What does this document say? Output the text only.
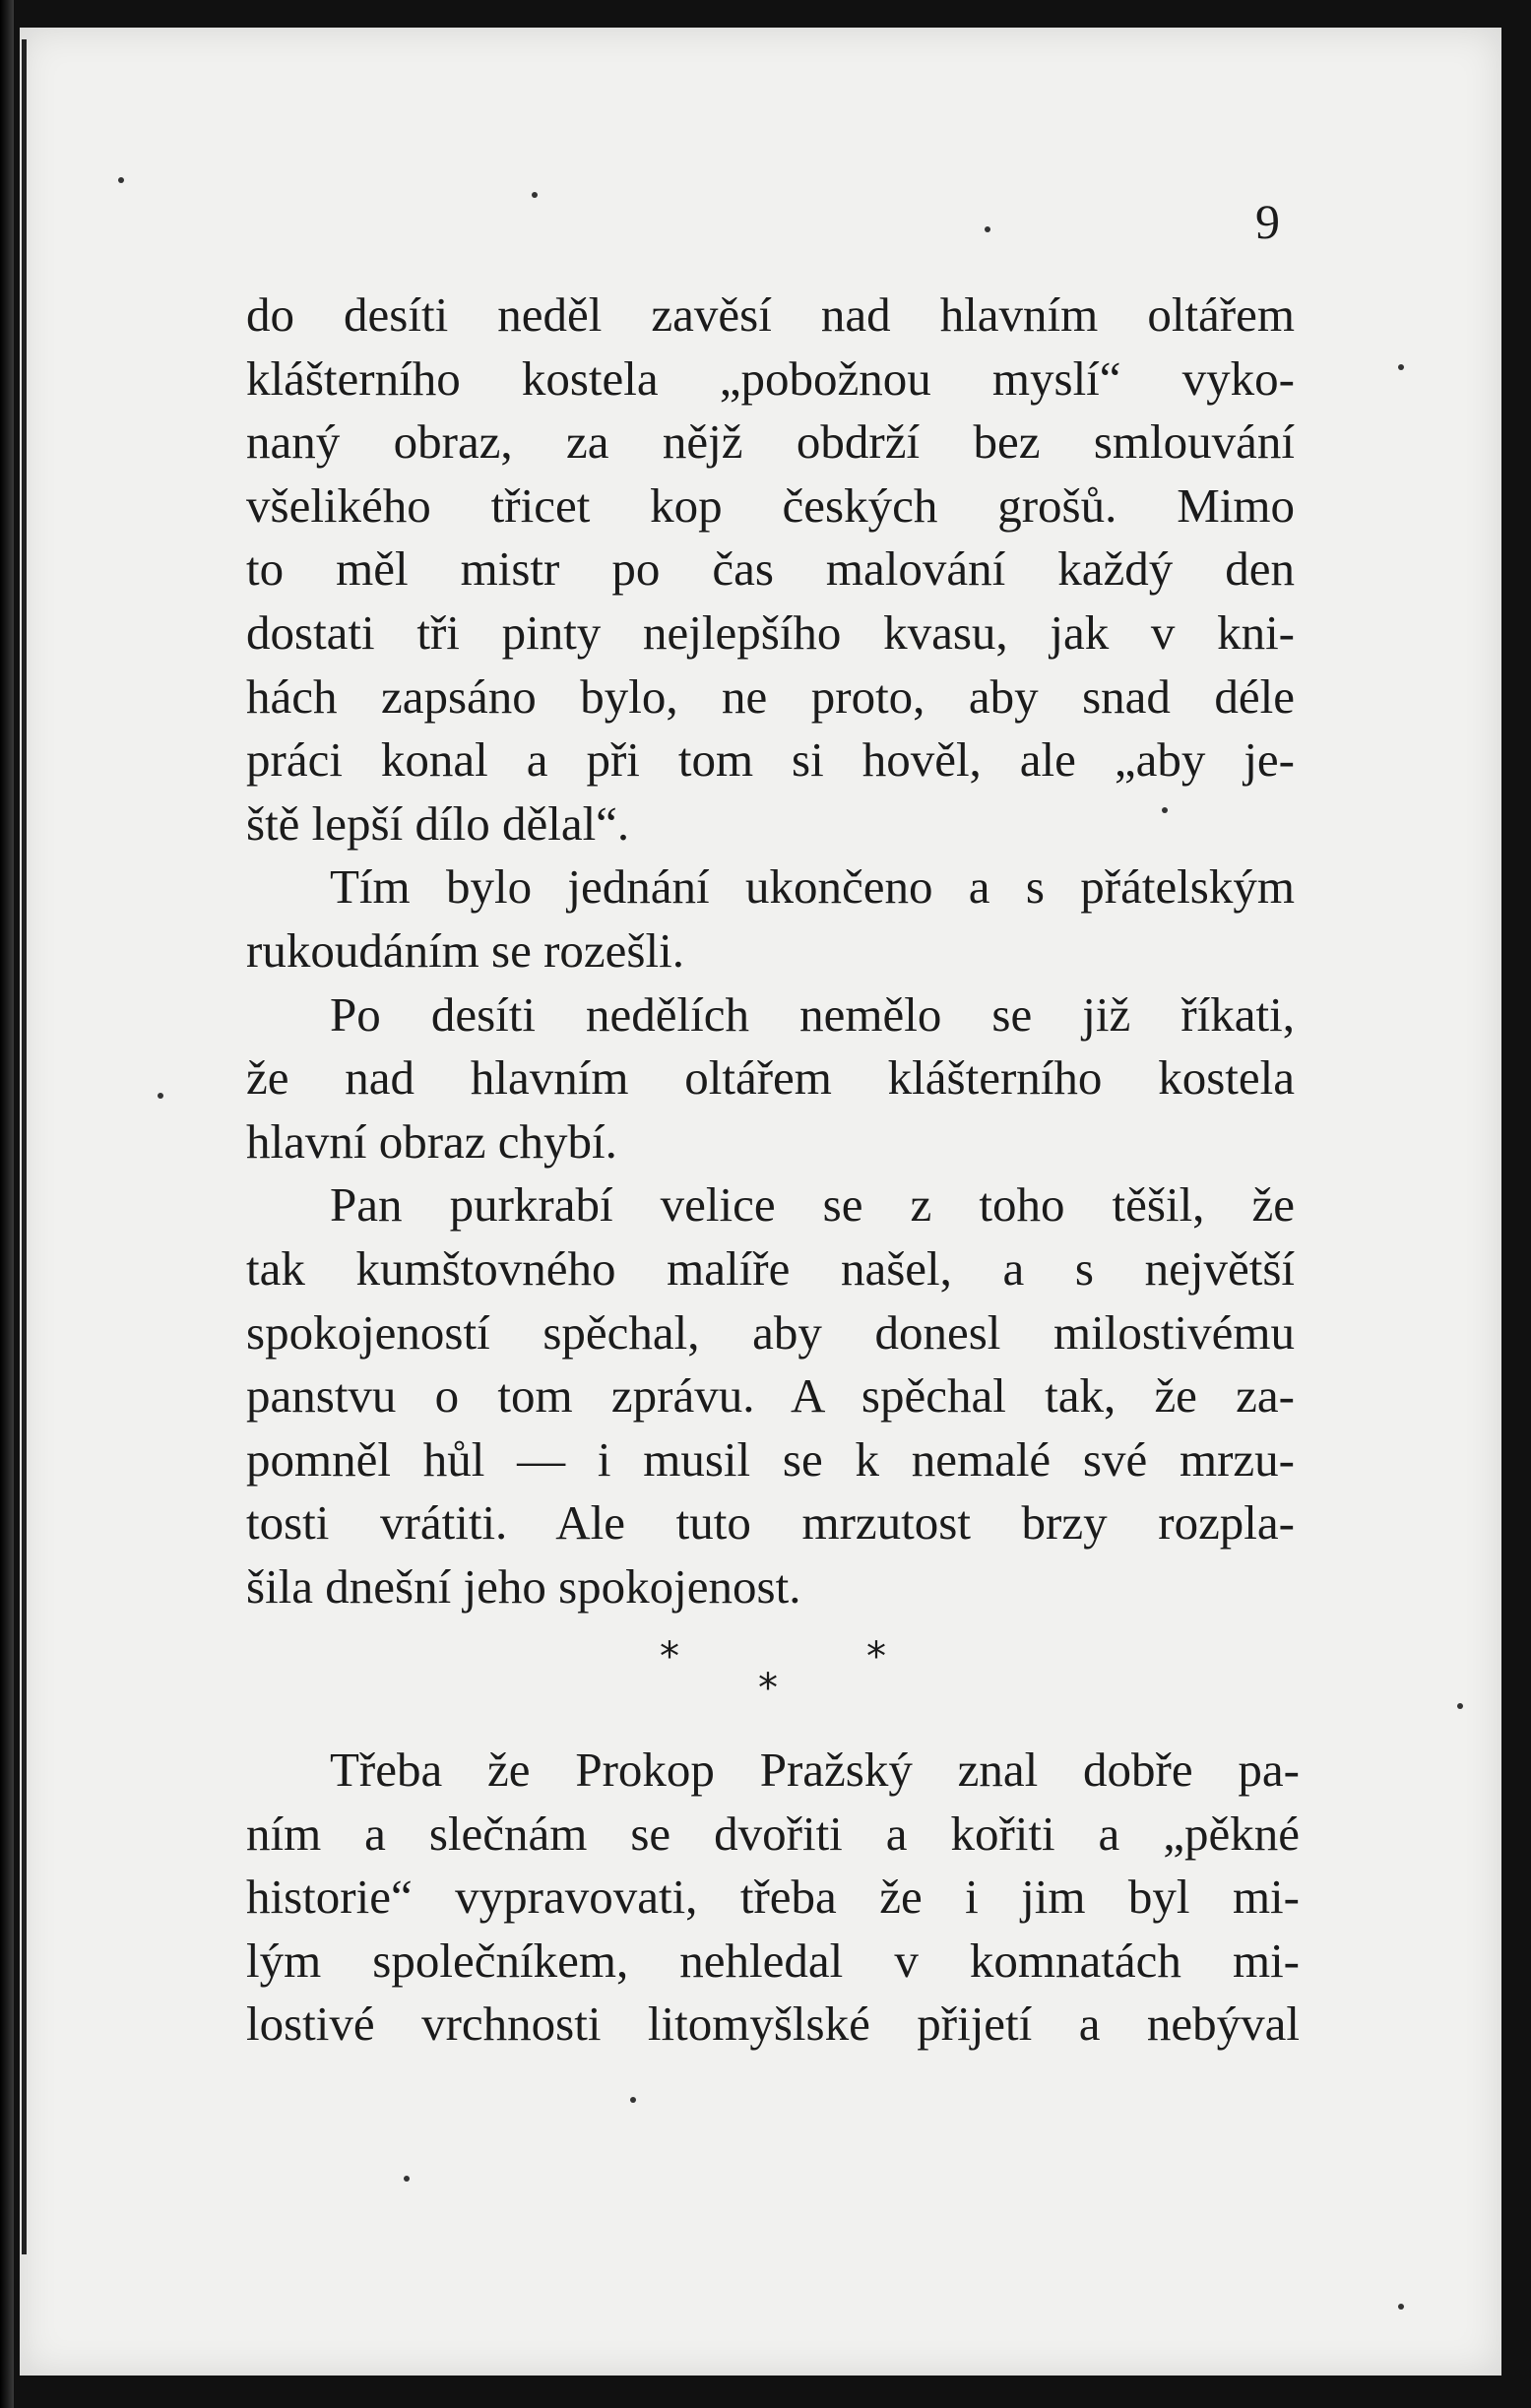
9
do desíti neděl zavěsí nad hlavním oltářem
klášterního kostela „pobožnou myslí“ vyko-
naný obraz, za nějž obdrží bez smlouvání
všelikého třicet kop českých grošů. Mimo
to měl mistr po čas malování každý den
dostati tři pinty nejlepšího kvasu, jak v kni-
hách zapsáno bylo, ne proto, aby snad déle
práci konal a při tom si hověl, ale „aby je-
ště lepší dílo dělal“.
Tím bylo jednání ukončeno a s přátelským
rukoudáním se rozešli.
Po desíti nedělích nemělo se již říkati,
že nad hlavním oltářem klášterního kostela
hlavní obraz chybí.
Pan purkrabí velice se z toho těšil, že
tak kumštovného malíře našel, a s největší
spokojeností spěchal, aby donesl milostivému
panstvu o tom zprávu. A spěchal tak, že za-
pomněl hůl — i musil se k nemalé své mrzu-
tosti vrátiti. Ale tuto mrzutost brzy rozpla-
šila dnešní jeho spokojenost.
*
*
*
Třeba že Prokop Pražský znal dobře pa-
ním a slečnám se dvořiti a kořiti a „pěkné
historie“ vypravovati, třeba že i jim byl mi-
lým společníkem, nehledal v komnatách mi-
lostivé vrchnosti litomyšlské přijetí a nebýval
